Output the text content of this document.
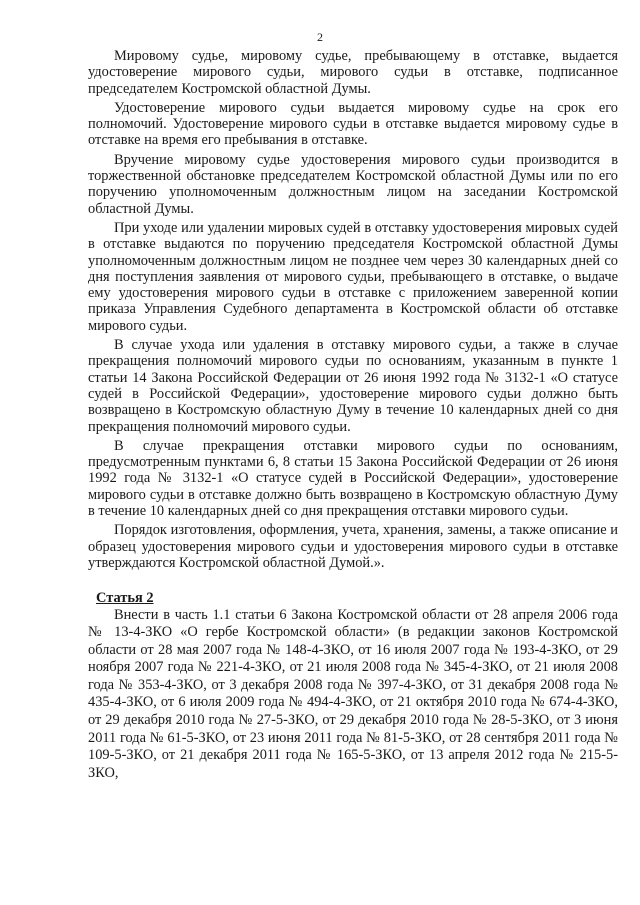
2

Мировому судье, мировому судье, пребывающему в отставке, выдается удостоверение мирового судьи, мирового судьи в отставке, подписанное председателем Костромской областной Думы.

Удостоверение мирового судьи выдается мировому судье на срок его полномочий. Удостоверение мирового судьи в отставке выдается мировому судье в отставке на время его пребывания в отставке.

Вручение мировому судье удостоверения мирового судьи производится в торжественной обстановке председателем Костромской областной Думы или по его поручению уполномоченным должностным лицом на заседании Костромской областной Думы.

При уходе или удалении мировых судей в отставку удостоверения мировых судей в отставке выдаются по поручению председателя Костромской областной Думы уполномоченным должностным лицом не позднее чем через 30 календарных дней со дня поступления заявления от мирового судьи, пребывающего в отставке, о выдаче ему удостоверения мирового судьи в отставке с приложением заверенной копии приказа Управления Судебного департамента в Костромской области об отставке мирового судьи.

В случае ухода или удаления в отставку мирового судьи, а также в случае прекращения полномочий мирового судьи по основаниям, указанным в пункте 1 статьи 14 Закона Российской Федерации от 26 июня 1992 года № 3132-1 «О статусе судей в Российской Федерации», удостоверение мирового судьи должно быть возвращено в Костромскую областную Думу в течение 10 календарных дней со дня прекращения полномочий мирового судьи.

В случае прекращения отставки мирового судьи по основаниям, предусмотренным пунктами 6, 8 статьи 15 Закона Российской Федерации от 26 июня 1992 года № 3132-1 «О статусе судей в Российской Федерации», удостоверение мирового судьи в отставке должно быть возвращено в Костромскую областную Думу в течение 10 календарных дней со дня прекращения отставки мирового судьи.

Порядок изготовления, оформления, учета, хранения, замены, а также описание и образец удостоверения мирового судьи и удостоверения мирового судьи в отставке утверждаются Костромской областной Думой.».

Статья 2

Внести в часть 1.1 статьи 6 Закона Костромской области от 28 апреля 2006 года № 13-4-ЗКО «О гербе Костромской области» (в редакции законов Костромской области от 28 мая 2007 года № 148-4-ЗКО, от 16 июля 2007 года № 193-4-ЗКО, от 29 ноября 2007 года № 221-4-ЗКО, от 21 июля 2008 года № 345-4-ЗКО, от 21 июля 2008 года № 353-4-ЗКО, от 3 декабря 2008 года № 397-4-ЗКО, от 31 декабря 2008 года № 435-4-ЗКО, от 6 июля 2009 года № 494-4-ЗКО, от 21 октября 2010 года № 674-4-ЗКО, от 29 декабря 2010 года № 27-5-ЗКО, от 29 декабря 2010 года № 28-5-ЗКО, от 3 июня 2011 года № 61-5-ЗКО, от 23 июня 2011 года № 81-5-ЗКО, от 28 сентября 2011 года № 109-5-ЗКО, от 21 декабря 2011 года № 165-5-ЗКО, от 13 апреля 2012 года № 215-5-ЗКО,
